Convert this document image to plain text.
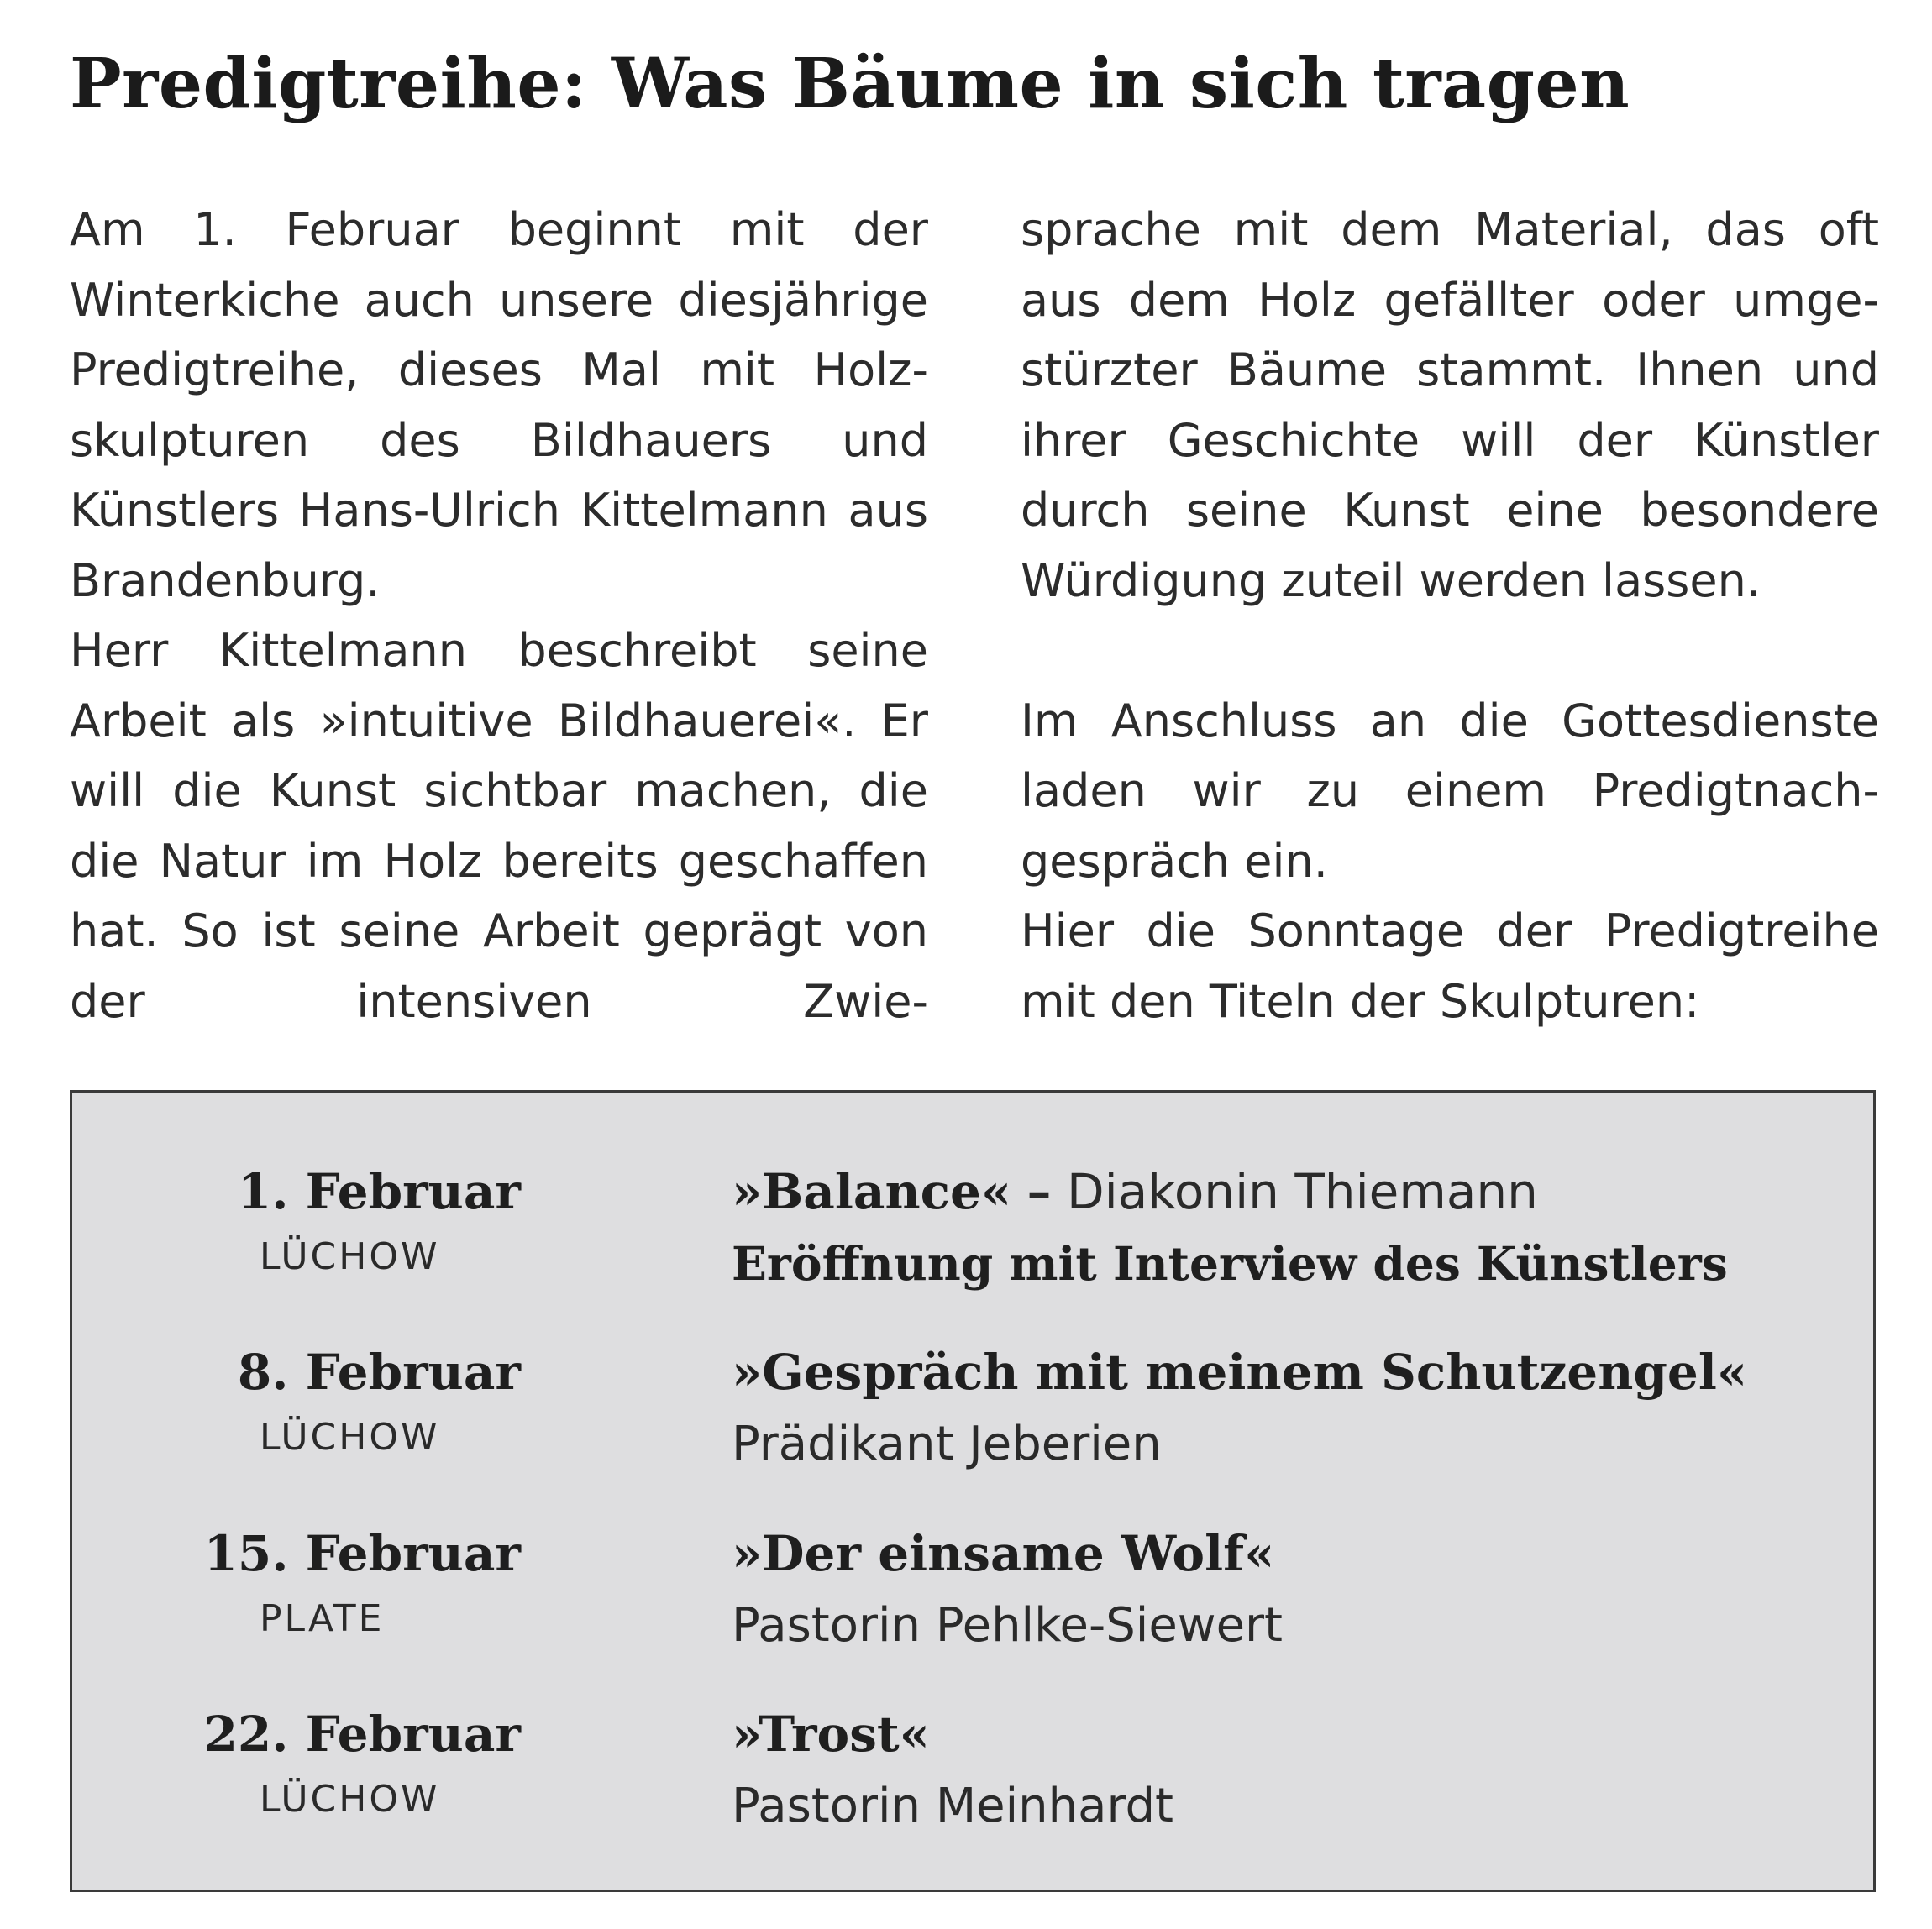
Predigtreihe: Was Bäume in sich tragen

Am 1. Februar beginnt mit der Winterkiche auch unsere diesjährige Predigtreihe, dieses Mal mit Holzskulpturen des Bildhauers und Künstlers Hans-Ulrich Kittelmann aus Brandenburg.

Herr Kittelmann beschreibt seine Arbeit als »intuitive Bildhauerei«. Er will die Kunst sichtbar machen, die die Natur im Holz bereits geschaffen hat. So ist seine Arbeit geprägt von der intensiven Zwie-

sprache mit dem Material, das oft aus dem Holz gefällter oder umgestürzter Bäume stammt. Ihnen und ihrer Geschichte will der Künstler durch seine Kunst eine besondere Würdigung zuteil werden lassen.

Im Anschluss an die Gottesdienste laden wir zu einem Predigtnachgespräch ein.

Hier die Sonntage der Predigtreihe mit den Titeln der Skulpturen:

1. Februar
LÜCHOW
»Balance« – Diakonin Thiemann
Eröffnung mit Interview des Künstlers
8. Februar
LÜCHOW
»Gespräch mit meinem Schutzengel«
Prädikant Jeberien
15. Februar
PLATE
»Der einsame Wolf«
Pastorin Pehlke-Siewert
22. Februar
LÜCHOW
»Trost«
Pastorin Meinhardt
